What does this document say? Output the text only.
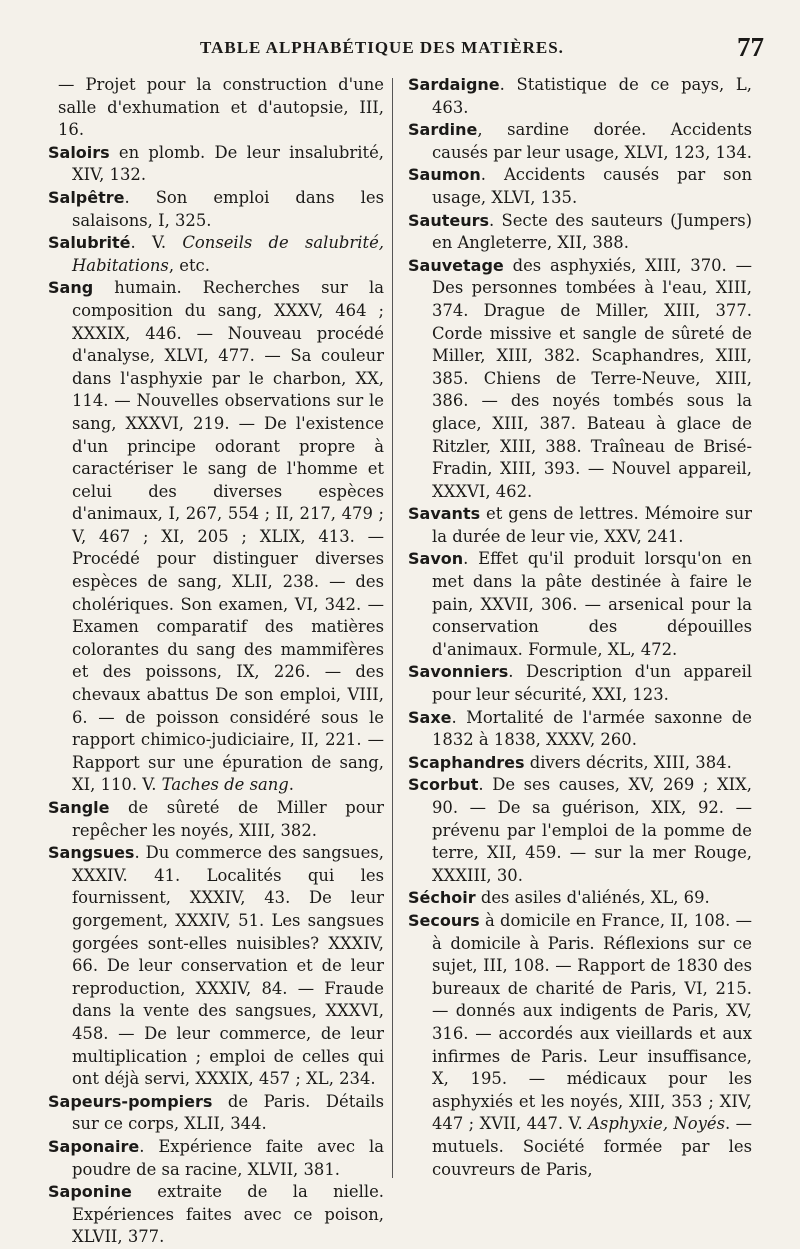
TABLE ALPHABÉTIQUE DES MATIÈRES.	77
— Projet pour la construction d'une salle d'exhumation et d'autopsie, III, 16.
Saloirs en plomb. De leur insalubrité, XIV, 132.
Salpêtre. Son emploi dans les salaisons, I, 325.
Salubrité. V. Conseils de salubrité, Habitations, etc.
Sang humain. Recherches sur la composition du sang, XXXV, 464 ; XXXIX, 446. — Nouveau procédé d'analyse, XLVI, 477. — Sa couleur dans l'asphyxie par le charbon, XX, 114. — Nouvelles observations sur le sang, XXXVI, 219. — De l'existence d'un principe odorant propre à caractériser le sang de l'homme et celui des diverses espèces d'animaux, I, 267, 554 ; II, 217, 479 ; V, 467 ; XI, 205 ; XLIX, 413. — Procédé pour distinguer diverses espèces de sang, XLII, 238. — des cholériques. Son examen, VI, 342. — Examen comparatif des matières colorantes du sang des mammifères et des poissons, IX, 226. — des chevaux abattus De son emploi, VIII, 6. — de poisson considéré sous le rapport chimico-judiciaire, II, 221. — Rapport sur une épuration de sang, XI, 110. V. Taches de sang.
Sangle de sûreté de Miller pour repêcher les noyés, XIII, 382.
Sangsues. Du commerce des sangsues, XXXIV. 41. Localités qui les fournissent, XXXIV, 43. De leur gorgement, XXXIV, 51. Les sangsues gorgées sont-elles nuisibles? XXXIV, 66. De leur conservation et de leur reproduction, XXXIV, 84. — Fraude dans la vente des sangsues, XXXVI, 458. — De leur commerce, de leur multiplication ; emploi de celles qui ont déjà servi, XXXIX, 457 ; XL, 234.
Sapeurs-pompiers de Paris. Détails sur ce corps, XLII, 344.
Saponaire. Expérience faite avec la poudre de sa racine, XLVII, 381.
Saponine extraite de la nielle. Expériences faites avec ce poison, XLVII, 377.
Sardaigne. Statistique de ce pays, L, 463.
Sardine, sardine dorée. Accidents causés par leur usage, XLVI, 123, 134.
Saumon. Accidents causés par son usage, XLVI, 135.
Sauteurs. Secte des sauteurs (Jumpers) en Angleterre, XII, 388.
Sauvetage des asphyxiés, XIII, 370. — Des personnes tombées à l'eau, XIII, 374. Drague de Miller, XIII, 377. Corde missive et sangle de sûreté de Miller, XIII, 382. Scaphandres, XIII, 385. Chiens de Terre-Neuve, XIII, 386. — des noyés tombés sous la glace, XIII, 387. Bateau à glace de Ritzler, XIII, 388. Traîneau de Brisé-Fradin, XIII, 393. — Nouvel appareil, XXXVI, 462.
Savants et gens de lettres. Mémoire sur la durée de leur vie, XXV, 241.
Savon. Effet qu'il produit lorsqu'on en met dans la pâte destinée à faire le pain, XXVII, 306. — arsenical pour la conservation des dépouilles d'animaux. Formule, XL, 472.
Savonniers. Description d'un appareil pour leur sécurité, XXI, 123.
Saxe. Mortalité de l'armée saxonne de 1832 à 1838, XXXV, 260.
Scaphandres divers décrits, XIII, 384.
Scorbut. De ses causes, XV, 269 ; XIX, 90. — De sa guérison, XIX, 92. — prévenu par l'emploi de la pomme de terre, XII, 459. — sur la mer Rouge, XXXIII, 30.
Séchoir des asiles d'aliénés, XL, 69.
Secours à domicile en France, II, 108. — à domicile à Paris. Réflexions sur ce sujet, III, 108. — Rapport de 1830 des bureaux de charité de Paris, VI, 215. — donnés aux indigents de Paris, XV, 316. — accordés aux vieillards et aux infirmes de Paris. Leur insuffisance, X, 195. — médicaux pour les asphyxiés et les noyés, XIII, 353 ; XIV, 447 ; XVII, 447. V. Asphyxie, Noyés. — mutuels. Société formée par les couvreurs de Paris,
